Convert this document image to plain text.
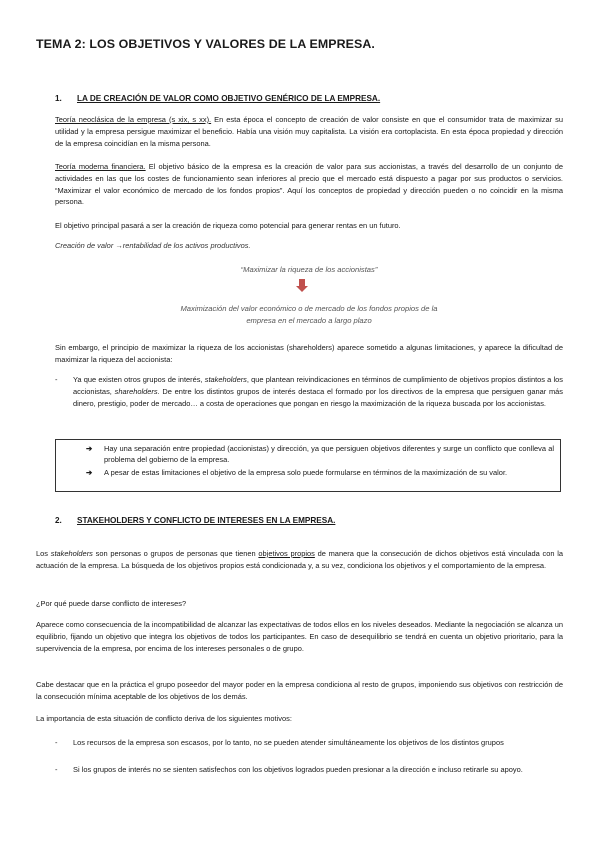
TEMA 2: LOS OBJETIVOS Y VALORES DE LA EMPRESA.
1. LA DE CREACIÓN DE VALOR COMO OBJETIVO GENÉRICO DE LA EMPRESA.
Teoría neoclásica de la empresa (s xix, s xx). En esta época el concepto de creación de valor consiste en que el consumidor trata de maximizar su utilidad y la empresa persigue maximizar el beneficio. Había una visión muy capitalista. La visión era cortoplacista. En esta época propiedad y dirección de la empresa coincidían en la misma persona.
Teoría moderna financiera. El objetivo básico de la empresa es la creación de valor para sus accionistas, a través del desarrollo de un conjunto de actividades en las que los costes de funcionamiento sean inferiores al precio que el mercado está dispuesto a pagar por sus productos o servicios. “Maximizar el valor económico de mercado de los fondos propios”. Aquí los conceptos de propiedad y dirección pueden o no coincidir en la misma persona.
El objetivo principal pasará a ser la creación de riqueza como potencial para generar rentas en un futuro.
Creación de valor →rentabilidad de los activos productivos.
“Maximizar la riqueza de los accionistas”
Maximización del valor económico o de mercado de los fondos propios de la
empresa en el mercado a largo plazo
Sin embargo, el principio de maximizar la riqueza de los accionistas (shareholders) aparece sometido a algunas limitaciones, y aparece la dificultad de maximizar la riqueza del accionista:
- Ya que existen otros grupos de interés, stakeholders, que plantean reivindicaciones en términos de cumplimiento de objetivos propios distintos a los accionistas, shareholders. De entre los distintos grupos de interés destaca el formado por los directivos de la empresa que persiguen ganar más dinero, prestigio, poder de mercado… a costa de operaciones que pongan en riesgo la maximización de la riqueza buscada por los accionistas.
➔ Hay una separación entre propiedad (accionistas) y dirección, ya que persiguen objetivos diferentes y surge un conflicto que conlleva al problema del gobierno de la empresa.
➔ A pesar de estas limitaciones el objetivo de la empresa solo puede formularse en términos de la maximización de su valor.
2. STAKEHOLDERS Y CONFLICTO DE INTERESES EN LA EMPRESA.
Los stakeholders son personas o grupos de personas que tienen objetivos propios de manera que la consecución de dichos objetivos está vinculada con la actuación de la empresa. La búsqueda de los objetivos propios está condicionada y, a su vez, condiciona los objetivos y el comportamiento de la empresa.
¿Por qué puede darse conflicto de intereses?
Aparece como consecuencia de la incompatibilidad de alcanzar las expectativas de todos ellos en los niveles deseados. Mediante la negociación se alcanza un equilibrio, fijando un objetivo que integra los objetivos de todos los participantes. En caso de desequilibrio se tendrá en cuenta un objetivo prioritario, para la supervivencia de la empresa, por encima de los intereses personales o de grupo.
Cabe destacar que en la práctica el grupo poseedor del mayor poder en la empresa condiciona al resto de grupos, imponiendo sus objetivos con restricción de la consecución mínima aceptable de los objetivos de los demás.
La importancia de esta situación de conflicto deriva de los siguientes motivos:
- Los recursos de la empresa son escasos, por lo tanto, no se pueden atender simultáneamente los objetivos de los distintos grupos
- Si los grupos de interés no se sienten satisfechos con los objetivos logrados pueden presionar a la dirección e incluso retirarle su apoyo.
